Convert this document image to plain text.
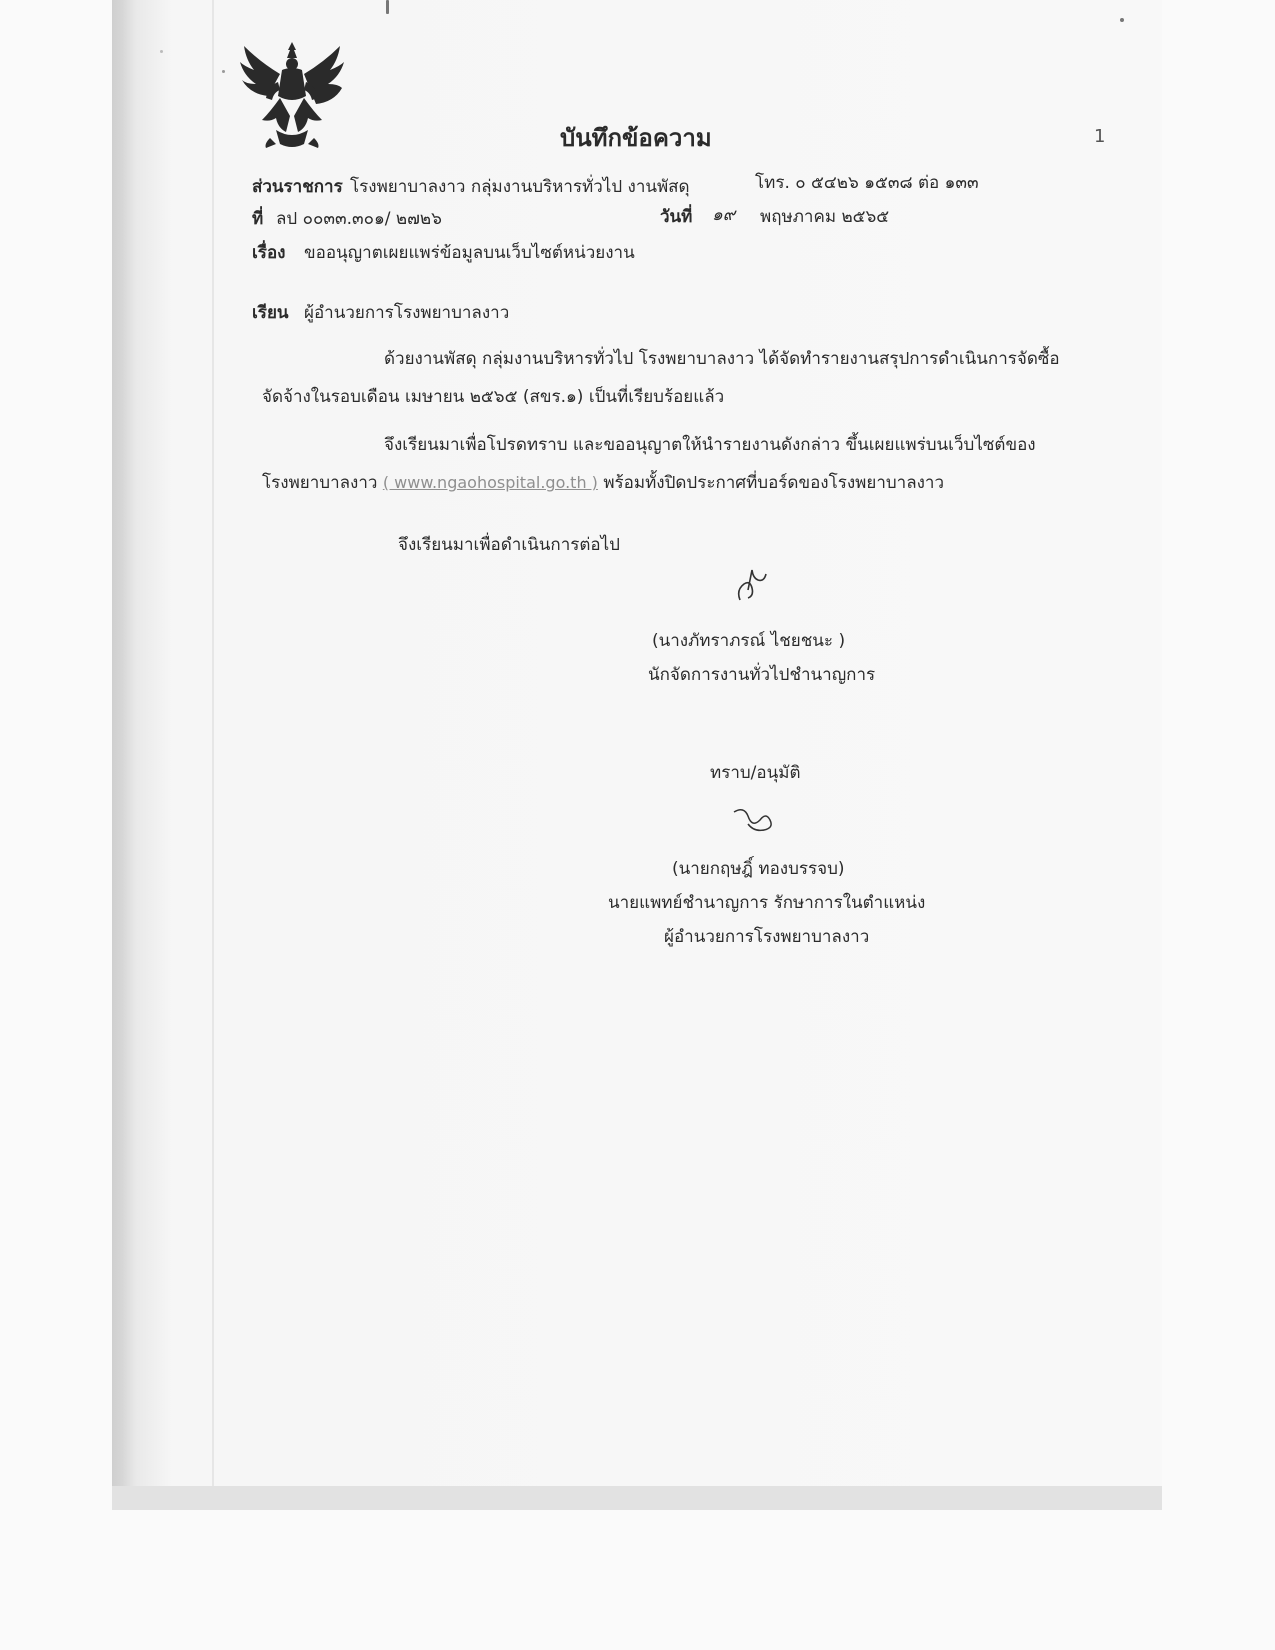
บันทึกข้อความ	1
ส่วนราชการ โรงพยาบาลงาว กลุ่มงานบริหารทั่วไป งานพัสดุ	โทร. ๐ ๕๔๒๖ ๑๕๓๘ ต่อ ๑๓๓
ที่ ลป ๐๐๓๓.๓๐๑/ ๒๗๒๖	วันที่ ๑๙ พฤษภาคม ๒๕๖๕
เรื่อง ขออนุญาตเผยแพร่ข้อมูลบนเว็บไซต์หน่วยงาน
เรียน ผู้อำนวยการโรงพยาบาลงาว
ด้วยงานพัสดุ กลุ่มงานบริหารทั่วไป โรงพยาบาลงาว ได้จัดทำรายงานสรุปการดำเนินการจัดซื้อ
จัดจ้างในรอบเดือน เมษายน ๒๕๖๕ (สขร.๑) เป็นที่เรียบร้อยแล้ว
จึงเรียนมาเพื่อโปรดทราบ และขออนุญาตให้นำรายงานดังกล่าว ขึ้นเผยแพร่บนเว็บไซต์ของ
โรงพยาบาลงาว ( www.ngaohospital.go.th ) พร้อมทั้งปิดประกาศที่บอร์ดของโรงพยาบาลงาว
จึงเรียนมาเพื่อดำเนินการต่อไป
(นางภัทราภรณ์ ไชยชนะ )
นักจัดการงานทั่วไปชำนาญการ
ทราบ/อนุมัติ
(นายกฤษฎิ์ ทองบรรจบ)
นายแพทย์ชำนาญการ รักษาการในตำแหน่ง
ผู้อำนวยการโรงพยาบาลงาว
